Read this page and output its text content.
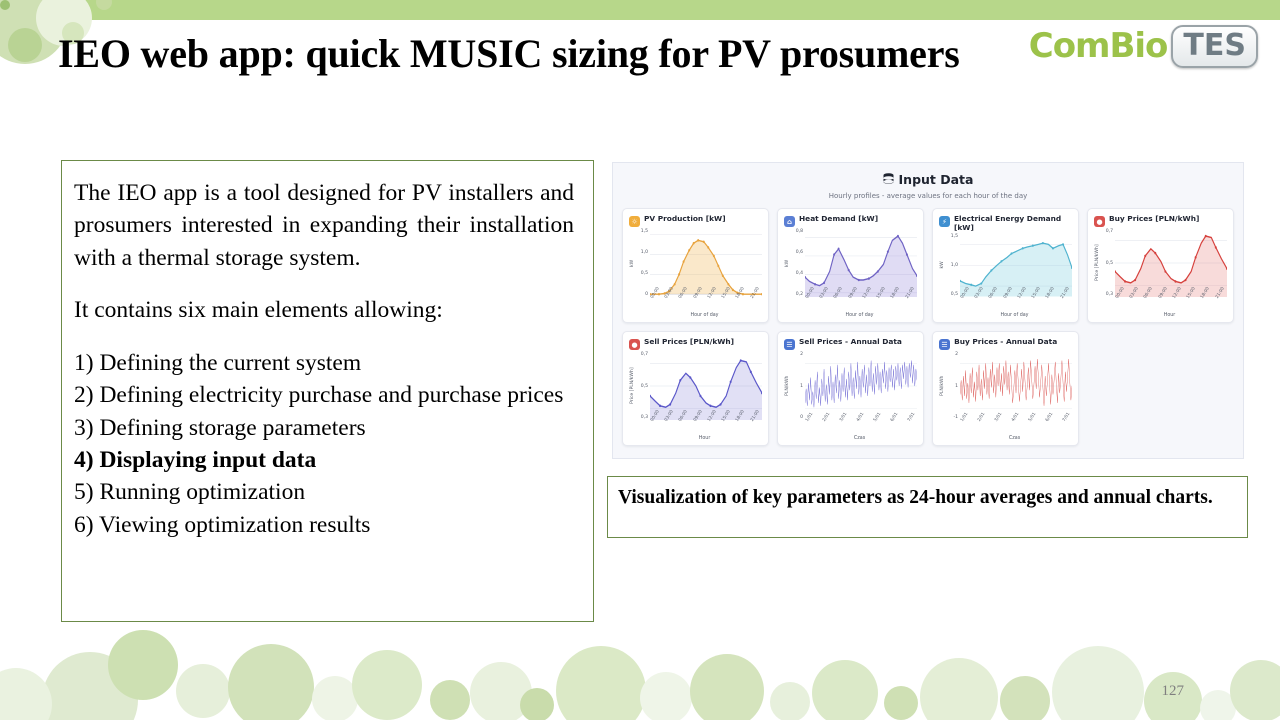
IEO web app: quick MUSIC sizing for PV prosumers	ComBio TES

The IEO app is a tool designed for PV installers and prosumers interested in expanding their installation with a thermal storage system.

It contains six main elements allowing:

1) Defining the current system
2) Defining electricity purchase and purchase prices
3) Defining storage parameters
4) Displaying input data
5) Running optimization
6) Viewing optimization results
Input Data
Hourly profiles - average values for each hour of the day
☼ PV Production [kW]
kW
1,5
1,0
0,5
0 00:00 03:00 06:00 09:00 12:00 15:00 18:00 21:00
Hour of day
⌂ Heat Demand [kW]
kW
0,8
0,6
0,4
0,2 00:00 03:00 06:00 09:00 12:00 15:00 18:00 21:00
Hour of day
⚡ Electrical Energy Demand [kW]
kW
1,5
1,0
0,5 00:00 03:00 06:00 09:00 12:00 15:00 18:00 21:00
Hour of day
● Buy Prices [PLN/kWh]
Price [PLN/kWh]
0,7
0,5
0,3 00:00 03:00 06:00 09:00 12:00 15:00 18:00 21:00
Hour
● Sell Prices [PLN/kWh]
Price [PLN/kWh]
0,7
0,5
0,3 00:00 03:00 06:00 09:00 12:00 15:00 18:00 21:00
Hour
☰ Sell Prices - Annual Data
PLN/kWh
2
1
0 1/01	2/01	3/01	4/01	5/01	6/01	7/01
Czas
☰ Buy Prices - Annual Data
PLN/kWh
2
1
-1 1/01	2/01	3/01	4/01	5/01	6/01	7/01
Czas
Visualization of key parameters as 24-hour averages and annual charts.
127
